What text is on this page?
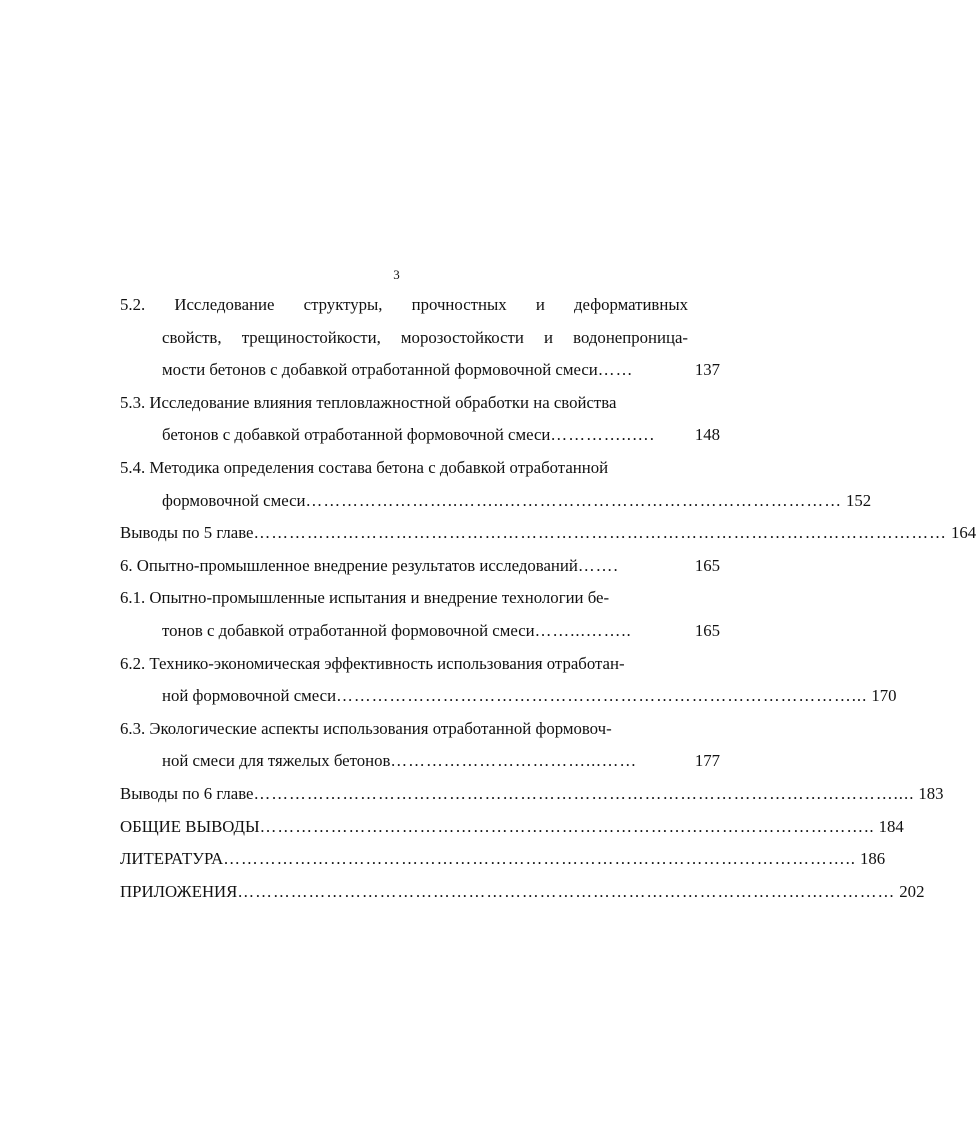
3
5.2. Исследование структуры, прочностных и деформативных
свойств, трещиностойкости, морозостойкости и водонепроница-
мости бетонов с добавкой отработанной формовочной смеси ……	137
5.3. Исследование влияния тепловлажностной обработки на свойства
бетонов с добавкой отработанной формовочной смеси …………..….	148
5.4. Методика определения состава бетона с добавкой отработанной
формовочной смеси ……………………..……..………………………………………………… 152
Выводы по 5 главе ……………………………………………………………………………………………………… 164
6. Опытно-промышленное внедрение результатов исследований …….	165
6.1. Опытно-промышленные испытания и внедрение технологии бе-
тонов с добавкой отработанной формовочной смеси ……...……..	165
6.2. Технико-экономическая эффективность использования отработан-
ной формовочной смеси ……………………………………………………………………………... 170
6.3. Экологические аспекты использования отработанной формовоч-
ной смеси для тяжелых бетонов ……………………………...……	177
Выводы по 6 главе ……………………………………………………………………………………………….... 183
ОБЩИЕ ВЫВОДЫ ………………………………………………………………………………………….. 184
ЛИТЕРАТУРА …………………………………………………………………………………………….. 186
ПРИЛОЖЕНИЯ ………………………………………………………………………………………………… 202
